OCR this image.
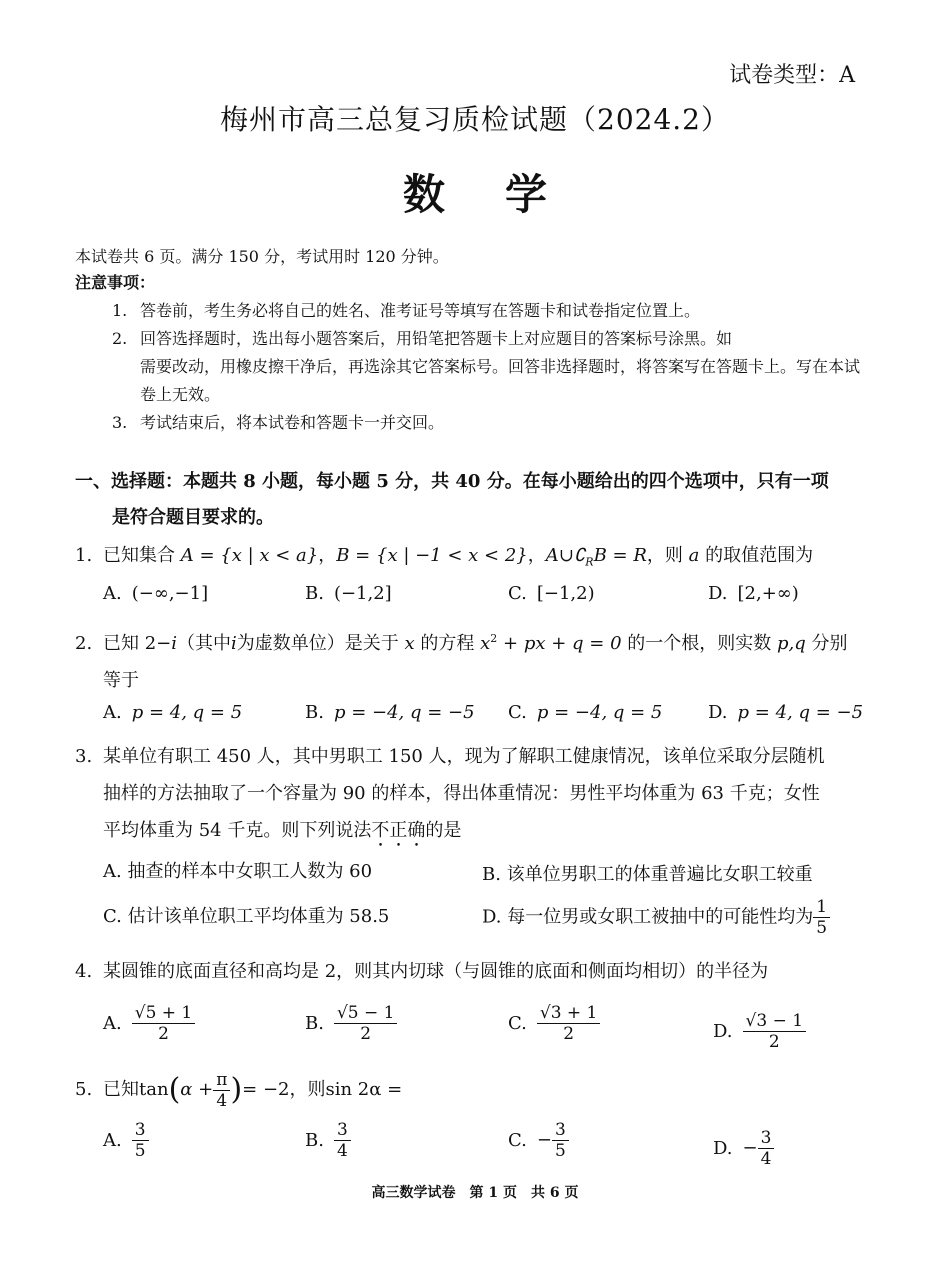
试卷类型：A
梅州市高三总复习质检试题（2024.2）
数学
本试卷共 6 页。满分 150 分，考试用时 120 分钟。
注意事项：
1. 答卷前，考生务必将自己的姓名、准考证号等填写在答题卡和试卷指定位置上。
2. 回答选择题时，选出每小题答案后，用铅笔把答题卡上对应题目的答案标号涂黑。如
需要改动，用橡皮擦干净后，再选涂其它答案标号。回答非选择题时，将答案写在答题卡上。写在本试卷上无效。
3. 考试结束后，将本试卷和答题卡一并交回。
一、选择题：本题共 8 小题，每小题 5 分，共 40 分。在每小题给出的四个选项中，只有一项
是符合题目要求的。
1. 已知集合 A = {x | x < a}，B = {x | −1 < x < 2}，$A\cup∁_RB = R$，则 a 的取值范围为
A. (−∞,−1]	B. (−1,2]	C. [−1,2)	D. [2,+∞)
2. 已知 2−i（其中i为虚数单位）是关于 x 的方程 $x^2$ + px + q = 0 的一个根，则实数 p,q 分别
等于
A. p = 4, q = 5	B. p = −4, q = −5 C. p = −4, q = 5	D. p = 4, q = −5
3. 某单位有职工 450 人，其中男职工 150 人，现为了解职工健康情况，该单位采取分层随机
抽样的方法抽取了一个容量为 90 的样本，得出体重情况：男性平均体重为 63 千克；女性
平均体重为 54 千克。则下列说法不正确的是
A. 抽查的样本中女职工人数为 60	B. 该单位男职工的体重普遍比女职工较重
C. 估计该单位职工平均体重为 58.5	D. 每一位男或女职工被抽中的可能性均为 $\frac{1}{5}$
4. 某圆锥的底面直径和高均是 2，则其内切球（与圆锥的底面和侧面均相切）的半径为
A. $\frac{√5 + 1}{2}$	B. $\frac{√5 - 1}{2}$	C. $\frac{√3 + 1}{2}$	D. $\frac{√3 - 1}{2}$
5. 已知$\tan(\alpha + \frac{\pi}{4}$ )= −2，则sin 2α =
A. $\frac{3}{5}$	B. $\frac{3}{4}$	C. − $\frac{3}{5}$	D. − $\frac{3}{4}$
高三数学试卷　第 1 页　共 6 页
